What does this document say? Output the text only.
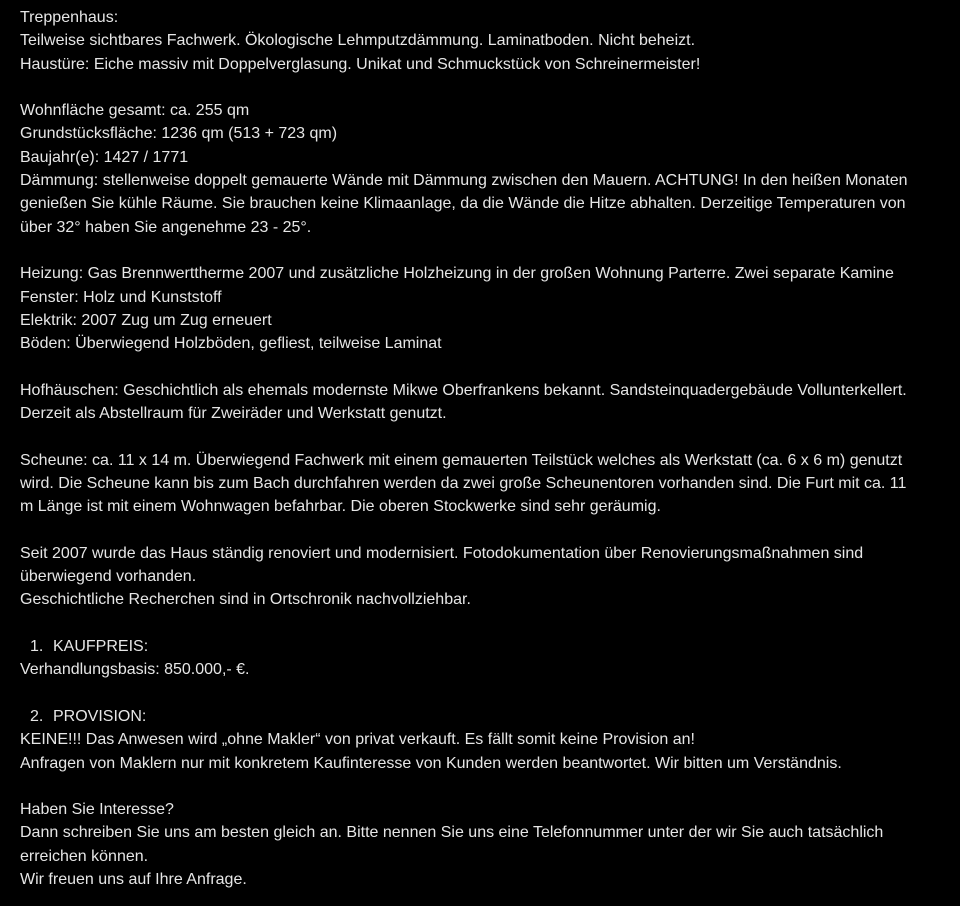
Treppenhaus:
Teilweise sichtbares Fachwerk. Ökologische Lehmputzdämmung. Laminatboden. Nicht beheizt.
Haustüre: Eiche massiv mit Doppelverglasung. Unikat und Schmuckstück von Schreinermeister!
Wohnfläche gesamt: ca. 255 qm
Grundstücksfläche: 1236 qm (513 + 723 qm)
Baujahr(e): 1427 / 1771
Dämmung: stellenweise doppelt gemauerte Wände mit Dämmung zwischen den Mauern. ACHTUNG! In den heißen Monaten
genießen Sie kühle Räume. Sie brauchen keine Klimaanlage, da die Wände die Hitze abhalten. Derzeitige Temperaturen von
über 32° haben Sie angenehme 23 - 25°.
Heizung: Gas Brennwerttherme 2007 und zusätzliche Holzheizung in der großen Wohnung Parterre. Zwei separate Kamine
Fenster: Holz und Kunststoff
Elektrik: 2007 Zug um Zug erneuert
Böden: Überwiegend Holzböden, gefliest, teilweise Laminat
Hofhäuschen: Geschichtlich als ehemals modernste Mikwe Oberfrankens bekannt. Sandsteinquadergebäude Vollunterkellert.
Derzeit als Abstellraum für Zweiräder und Werkstatt genutzt.
Scheune: ca. 11 x 14 m. Überwiegend Fachwerk mit einem gemauerten Teilstück welches als Werkstatt (ca. 6 x 6 m) genutzt
wird. Die Scheune kann bis zum Bach durchfahren werden da zwei große Scheunentoren vorhanden sind. Die Furt mit ca. 11
m Länge ist mit einem Wohnwagen befahrbar. Die oberen Stockwerke sind sehr geräumig.
Seit 2007 wurde das Haus ständig renoviert und modernisiert. Fotodokumentation über Renovierungsmaßnahmen sind
überwiegend vorhanden.
Geschichtliche Recherchen sind in Ortschronik nachvollziehbar.
1. KAUFPREIS:
Verhandlungsbasis: 850.000,- €.
2. PROVISION:
KEINE!!! Das Anwesen wird „ohne Makler“ von privat verkauft. Es fällt somit keine Provision an!
Anfragen von Maklern nur mit konkretem Kaufinteresse von Kunden werden beantwortet. Wir bitten um Verständnis.
Haben Sie Interesse?
Dann schreiben Sie uns am besten gleich an. Bitte nennen Sie uns eine Telefonnummer unter der wir Sie auch tatsächlich
erreichen können.
Wir freuen uns auf Ihre Anfrage.
